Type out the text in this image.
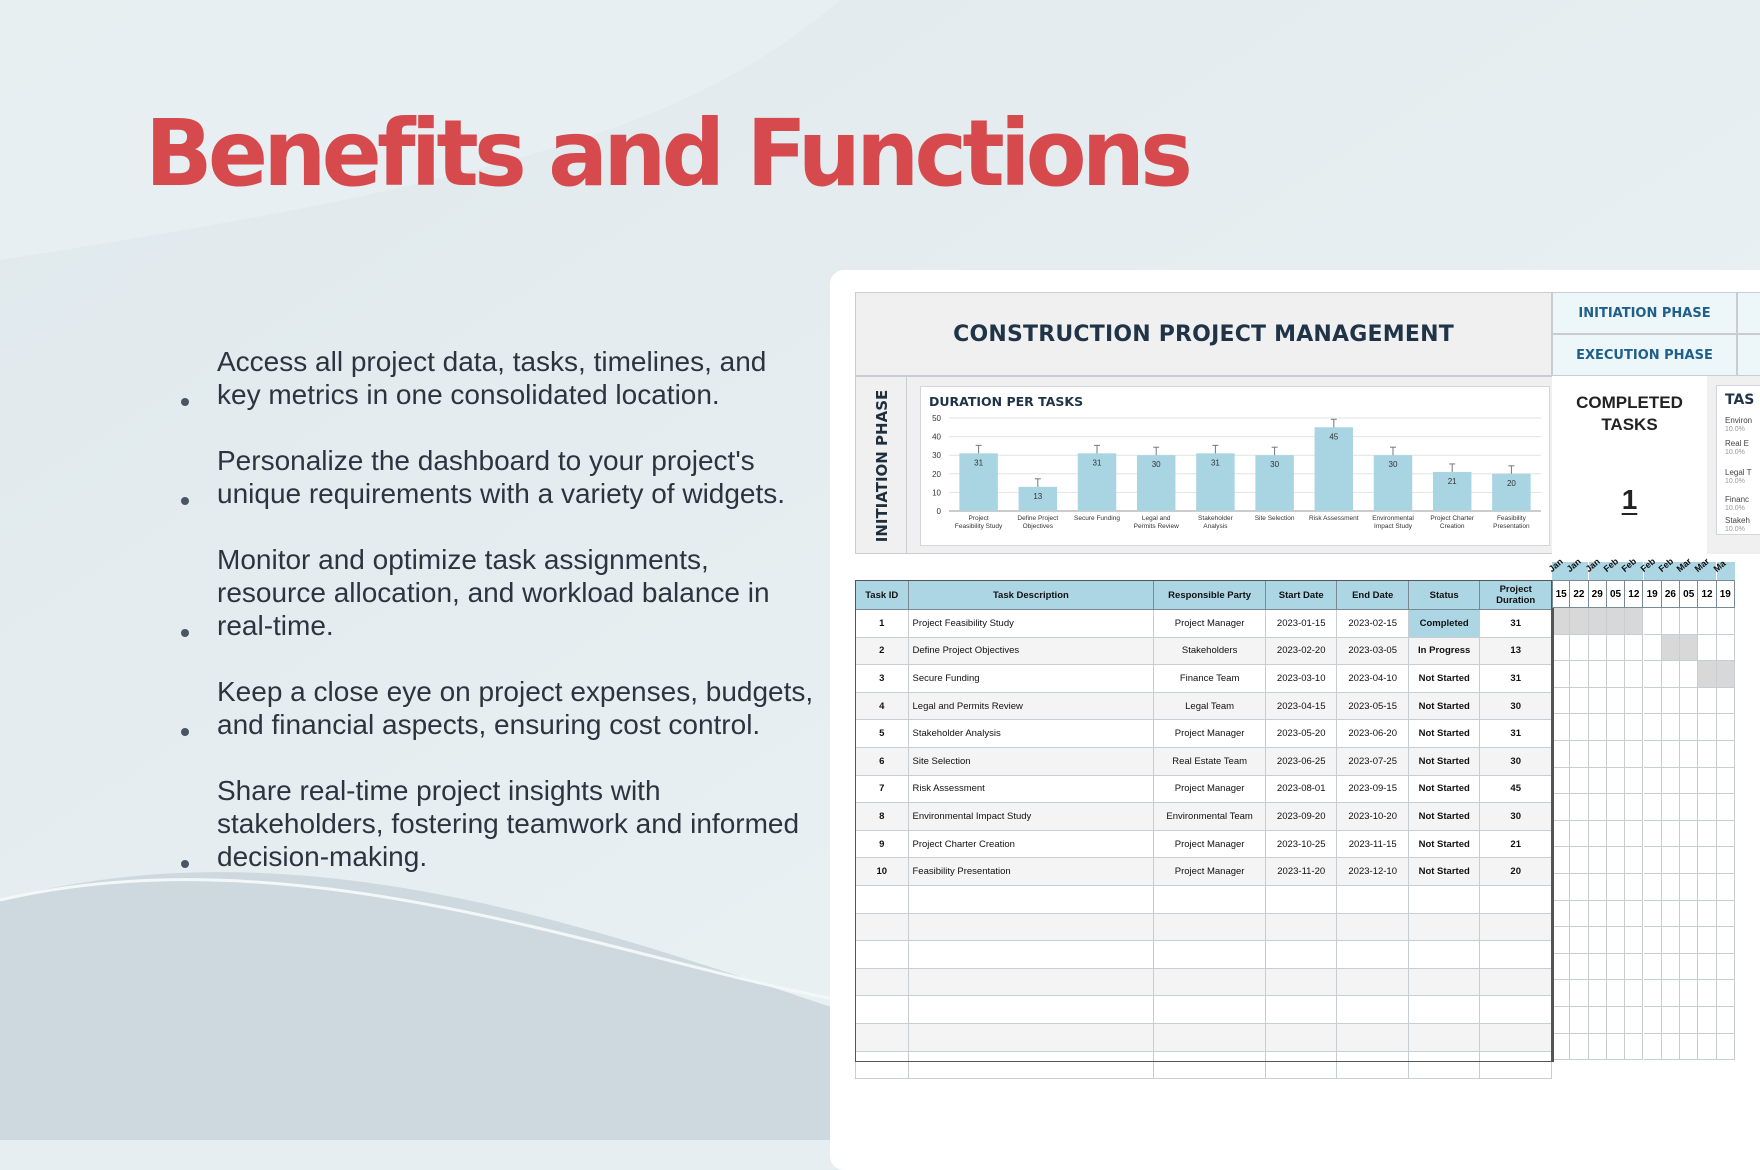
Benefits and Functions
Access all project data, tasks, timelines, and key metrics in one consolidated location.
Personalize the dashboard to your project's unique requirements with a variety of widgets.
Monitor and optimize task assignments, resource allocation, and workload balance in real-time.
Keep a close eye on project expenses, budgets, and financial aspects, ensuring cost control.
Share real-time project insights with stakeholders, fostering teamwork and informed decision-making.
CONSTRUCTION PROJECT MANAGEMENT
INITIATION PHASE
EXECUTION PHASE
INITIATION PHASE	DURATION PER TASKS
0
10
20
30
40
50
31
Project
Feasibility Study
13
Define Project
Objectives
31
Secure Funding
30
Legal and
Permits Review
31
Stakeholder
Analysis
30
Site Selection
45
Risk Assessment
30
Environmental
Impact Study
21
Project Charter
Creation
20
Feasibility
Presentation
COMPLETED
TASKS
1
TAS
Environ
10.0%
Real E
10.0%
Legal T
10.0%
Financ
10.0%
Stakeh
10.0%
Task ID	Task Description	Responsible Party	Start Date	End Date	Status	Project Duration
1	Project Feasibility Study	Project Manager	2023-01-15	2023-02-15	Completed	31
2	Define Project Objectives	Stakeholders	2023-02-20	2023-03-05	In Progress	13
3	Secure Funding	Finance Team	2023-03-10	2023-04-10	Not Started	31
4	Legal and Permits Review	Legal Team	2023-04-15	2023-05-15	Not Started	30
5	Stakeholder Analysis	Project Manager	2023-05-20	2023-06-20	Not Started	31
6	Site Selection	Real Estate Team	2023-06-25	2023-07-25	Not Started	30
7	Risk Assessment	Project Manager	2023-08-01	2023-09-15	Not Started	45
8	Environmental Impact Study	Environmental Team	2023-09-20	2023-10-20	Not Started	30
9	Project Charter Creation	Project Manager	2023-10-25	2023-11-15	Not Started	21
10	Feasibility Presentation	Project Manager	2023-11-20	2023-12-10	Not Started	20

Jan Jan Jan Feb Feb Feb Feb Mar Mar Ma
15 22 29 05 12 19 26 05 12 19
